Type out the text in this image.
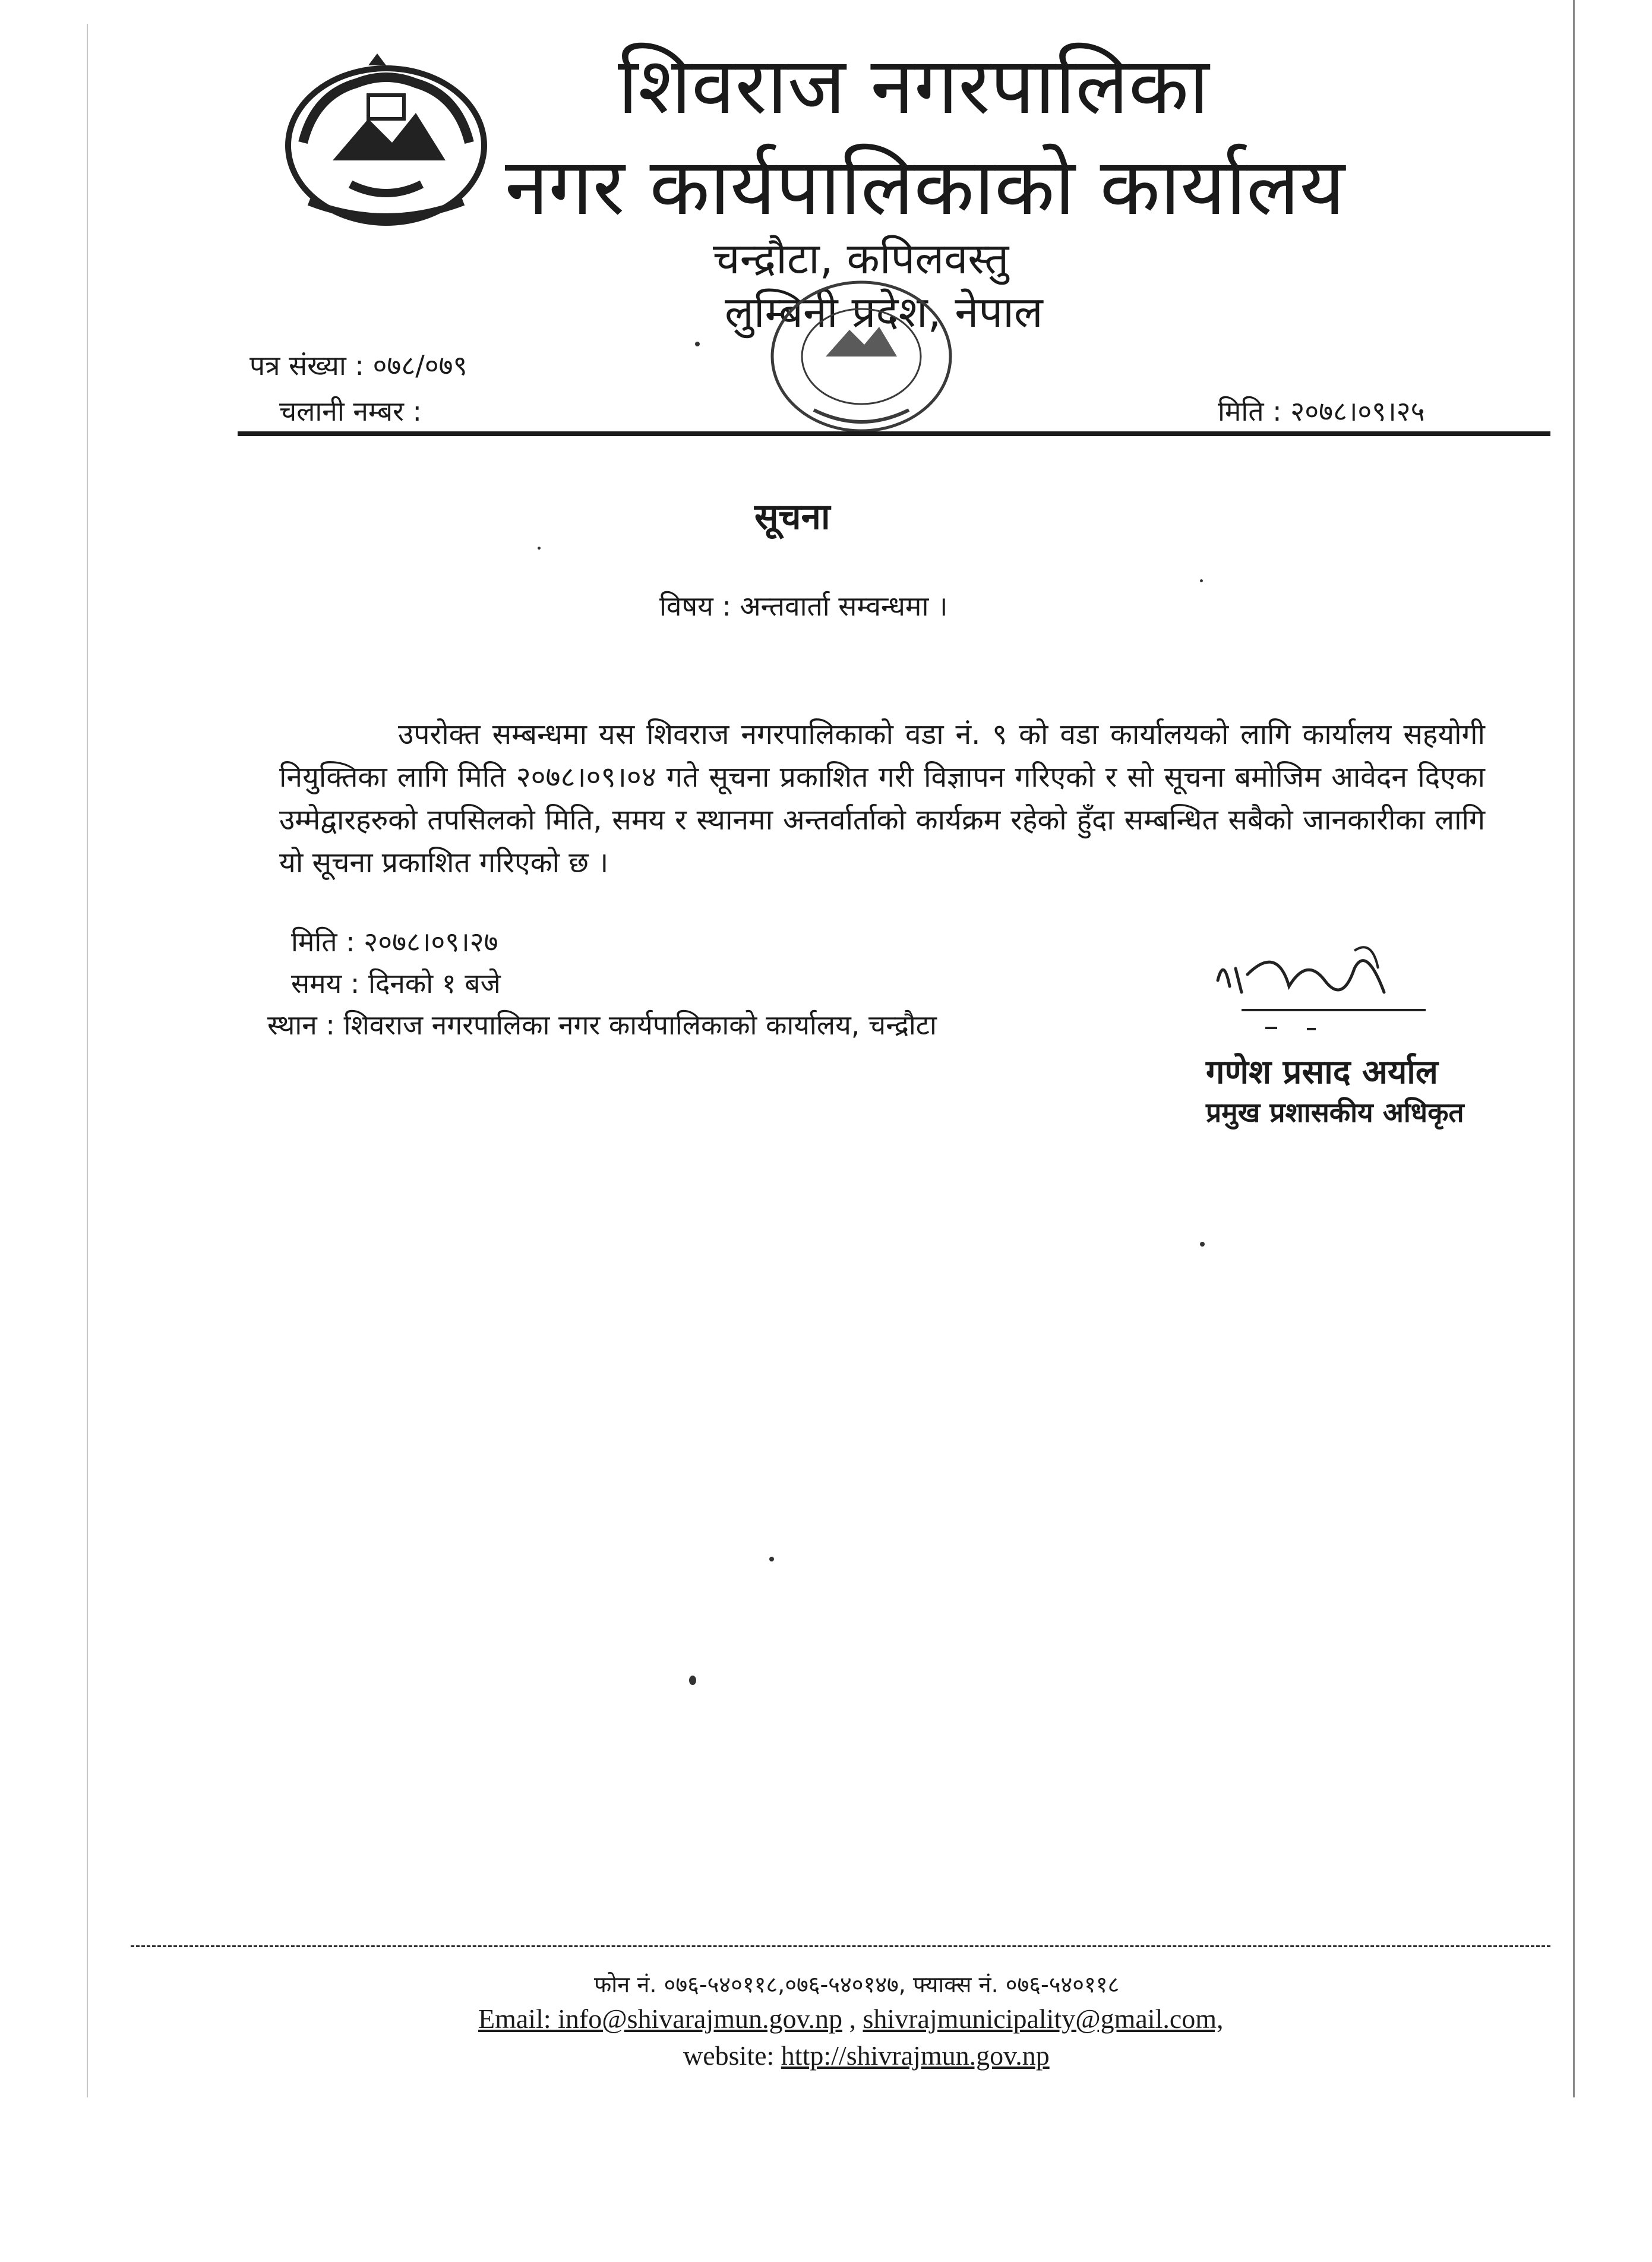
शिवराज नगरपालिका
नगर कार्यपालिकाको कार्यालय
चन्द्रौटा, कपिलवस्तु
लुम्बिनी प्रदेश, नेपाल
पत्र संख्या : ०७८/०७९
चलानी नम्बर :	मिति : २०७८।०९।२५
सूचना
विषय : अन्तवार्ता सम्वन्धमा ।
उपरोक्त सम्बन्धमा यस शिवराज नगरपालिकाको वडा नं. ९ को वडा कार्यालयको लागि कार्यालय सहयोगी नियुक्तिका लागि मिति २०७८।०९।०४ गते सूचना प्रकाशित गरी विज्ञापन गरिएको र सो सूचना बमोजिम आवेदन दिएका उम्मेद्वारहरुको तपसिलको मिति, समय र स्थानमा अन्तर्वार्ताको कार्यक्रम रहेको हुँदा सम्बन्धित सबैको जानकारीका लागि यो सूचना प्रकाशित गरिएको छ ।
मिति : २०७८।०९।२७
समय : दिनको १ बजे
स्थान : शिवराज नगरपालिका नगर कार्यपालिकाको कार्यालय, चन्द्रौटा
गणेश प्रसाद अर्याल
प्रमुख प्रशासकीय अधिकृत
फोन नं. ०७६-५४०११८,०७६-५४०१४७, फ्याक्स नं. ०७६-५४०११८
Email: info@shivarajmun.gov.np , shivrajmunicipality@gmail.com,
website: http://shivrajmun.gov.np
